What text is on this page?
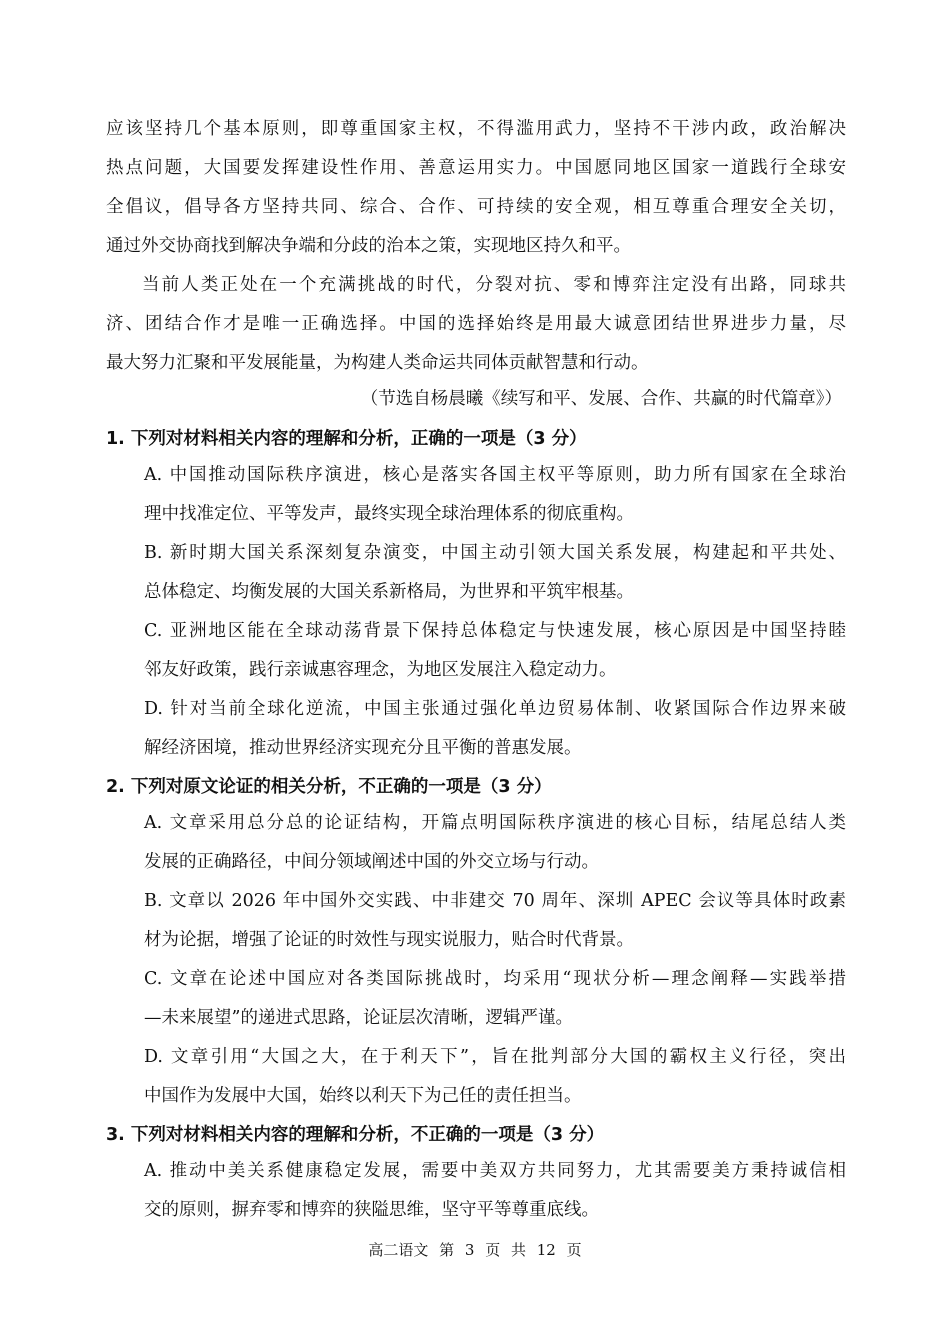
应该坚持几个基本原则，即尊重国家主权，不得滥用武力，坚持不干涉内政，政治解决
热点问题，大国要发挥建设性作用、善意运用实力。中国愿同地区国家一道践行全球安
全倡议，倡导各方坚持共同、综合、合作、可持续的安全观，相互尊重合理安全关切，
通过外交协商找到解决争端和分歧的治本之策，实现地区持久和平。
当前人类正处在一个充满挑战的时代，分裂对抗、零和博弈注定没有出路，同球共
济、团结合作才是唯一正确选择。中国的选择始终是用最大诚意团结世界进步力量，尽
最大努力汇聚和平发展能量，为构建人类命运共同体贡献智慧和行动。
（节选自杨晨曦《续写和平、发展、合作、共赢的时代篇章》）
1. 下列对材料相关内容的理解和分析，正确的一项是（3 分）
A. 中国推动国际秩序演进，核心是落实各国主权平等原则，助力所有国家在全球治
理中找准定位、平等发声，最终实现全球治理体系的彻底重构。
B. 新时期大国关系深刻复杂演变，中国主动引领大国关系发展，构建起和平共处、
总体稳定、均衡发展的大国关系新格局，为世界和平筑牢根基。
C. 亚洲地区能在全球动荡背景下保持总体稳定与快速发展，核心原因是中国坚持睦
邻友好政策，践行亲诚惠容理念，为地区发展注入稳定动力。
D. 针对当前全球化逆流，中国主张通过强化单边贸易体制、收紧国际合作边界来破
解经济困境，推动世界经济实现充分且平衡的普惠发展。
2. 下列对原文论证的相关分析，不正确的一项是（3 分）
A. 文章采用总分总的论证结构，开篇点明国际秩序演进的核心目标，结尾总结人类
发展的正确路径，中间分领域阐述中国的外交立场与行动。
B. 文章以 2026 年中国外交实践、中非建交 70 周年、深圳 APEC 会议等具体时政素
材为论据，增强了论证的时效性与现实说服力，贴合时代背景。
C. 文章在论述中国应对各类国际挑战时，均采用“现状分析—理念阐释—实践举措
—未来展望”的递进式思路，论证层次清晰，逻辑严谨。
D. 文章引用“大国之大，在于利天下”，旨在批判部分大国的霸权主义行径，突出
中国作为发展中大国，始终以利天下为己任的责任担当。
3. 下列对材料相关内容的理解和分析，不正确的一项是（3 分）
A. 推动中美关系健康稳定发展，需要中美双方共同努力，尤其需要美方秉持诚信相
交的原则，摒弃零和博弈的狭隘思维，坚守平等尊重底线。
高二语文 第 3 页 共 12 页
